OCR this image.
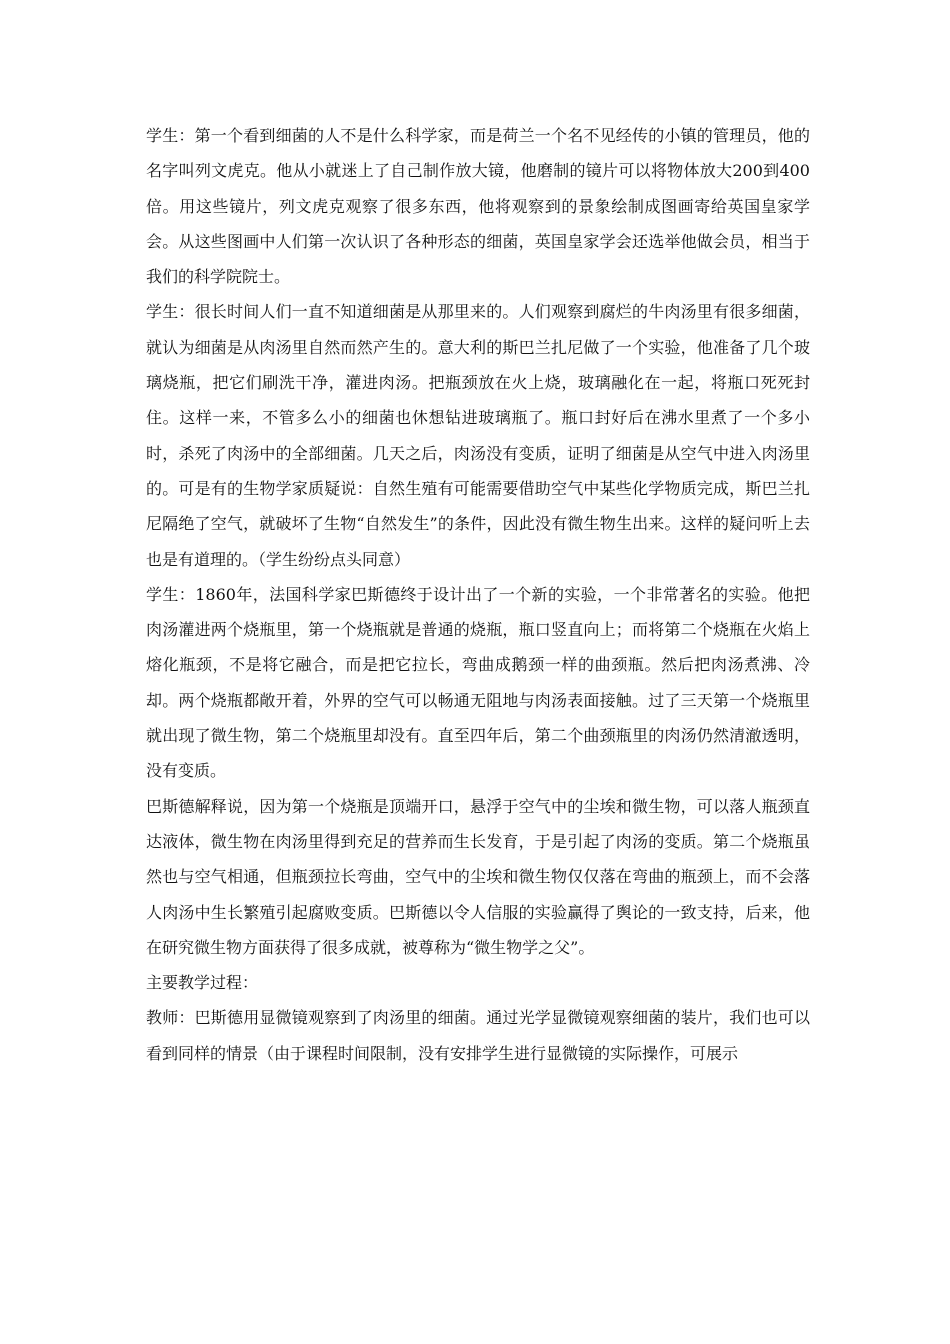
学生：第一个看到细菌的人不是什么科学家，而是荷兰一个名不见经传的小镇的管理员，他的名字叫列文虎克。他从小就迷上了自己制作放大镜，他磨制的镜片可以将物体放大200到400倍。用这些镜片，列文虎克观察了很多东西，他将观察到的景象绘制成图画寄给英国皇家学会。从这些图画中人们第一次认识了各种形态的细菌，英国皇家学会还选举他做会员，相当于我们的科学院院士。

学生：很长时间人们一直不知道细菌是从那里来的。人们观察到腐烂的牛肉汤里有很多细菌，就认为细菌是从肉汤里自然而然产生的。意大利的斯巴兰扎尼做了一个实验，他准备了几个玻璃烧瓶，把它们刷洗干净，灌进肉汤。把瓶颈放在火上烧，玻璃融化在一起，将瓶口死死封住。这样一来，不管多么小的细菌也休想钻进玻璃瓶了。瓶口封好后在沸水里煮了一个多小时，杀死了肉汤中的全部细菌。几天之后，肉汤没有变质，证明了细菌是从空气中进入肉汤里的。可是有的生物学家质疑说：自然生殖有可能需要借助空气中某些化学物质完成，斯巴兰扎尼隔绝了空气，就破坏了生物“自然发生”的条件，因此没有微生物生出来。这样的疑问听上去也是有道理的。（学生纷纷点头同意）

学生：1860年，法国科学家巴斯德终于设计出了一个新的实验，一个非常著名的实验。他把肉汤灌进两个烧瓶里，第一个烧瓶就是普通的烧瓶，瓶口竖直向上；而将第二个烧瓶在火焰上熔化瓶颈，不是将它融合，而是把它拉长，弯曲成鹅颈一样的曲颈瓶。然后把肉汤煮沸、冷却。两个烧瓶都敞开着，外界的空气可以畅通无阻地与肉汤表面接触。过了三天第一个烧瓶里就出现了微生物，第二个烧瓶里却没有。直至四年后，第二个曲颈瓶里的肉汤仍然清澈透明，没有变质。

巴斯德解释说，因为第一个烧瓶是顶端开口，悬浮于空气中的尘埃和微生物，可以落人瓶颈直达液体，微生物在肉汤里得到充足的营养而生长发育，于是引起了肉汤的变质。第二个烧瓶虽然也与空气相通，但瓶颈拉长弯曲，空气中的尘埃和微生物仅仅落在弯曲的瓶颈上，而不会落人肉汤中生长繁殖引起腐败变质。巴斯德以令人信服的实验赢得了舆论的一致支持，后来，他在研究微生物方面获得了很多成就，被尊称为“微生物学之父”。

主要教学过程：

教师：巴斯德用显微镜观察到了肉汤里的细菌。通过光学显微镜观察细菌的装片，我们也可以看到同样的情景（由于课程时间限制，没有安排学生进行显微镜的实际操作，可展示
